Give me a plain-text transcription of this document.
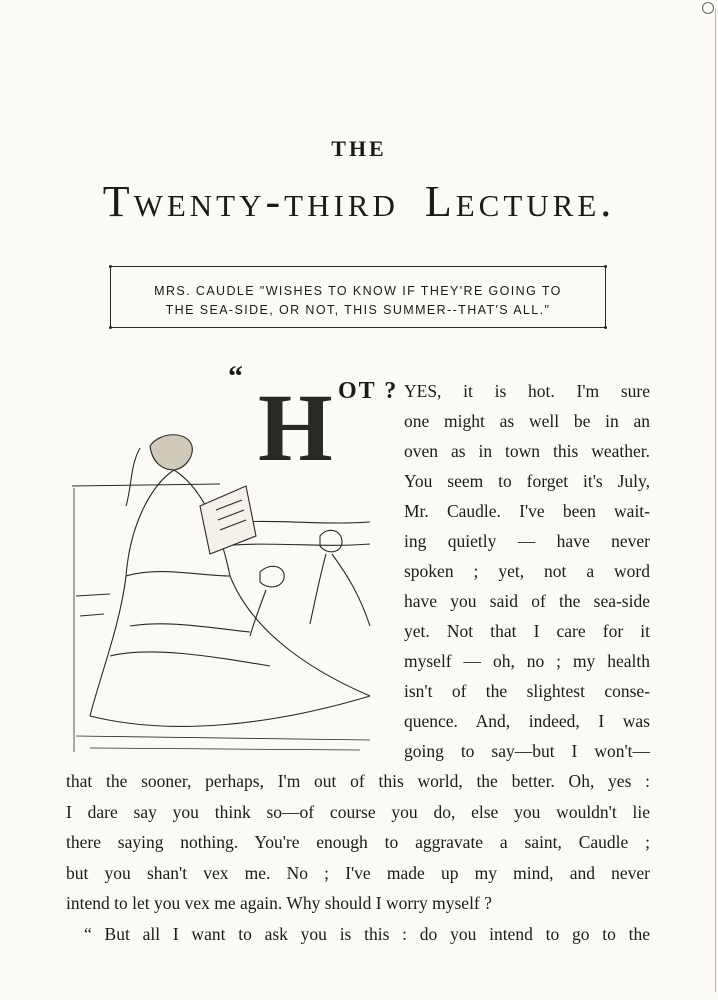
THE
Twenty-third Lecture.
MRS. CAUDLE "WISHES TO KNOW IF THEY'RE GOING TO
THE SEA-SIDE, OR NOT, THIS SUMMER--THAT'S ALL."
“ H OT ? YES, it is hot. I'm sure
one might as well be in an
oven as in town this weather.
You seem to forget it's July,
Mr. Caudle. I've been wait-
ing quietly — have never
spoken ; yet, not a word
have you said of the sea-side
yet. Not that I care for it
myself — oh, no ; my health
isn't of the slightest conse-
quence. And, indeed, I was
going to say—but I won't—
that the sooner, perhaps, I'm out of this world, the better. Oh, yes :
I dare say you think so—of course you do, else you wouldn't lie
there saying nothing. You're enough to aggravate a saint, Caudle ;
but you shan't vex me. No ; I've made up my mind, and never
intend to let you vex me again. Why should I worry myself ?
“ But all I want to ask you is this : do you intend to go to the
